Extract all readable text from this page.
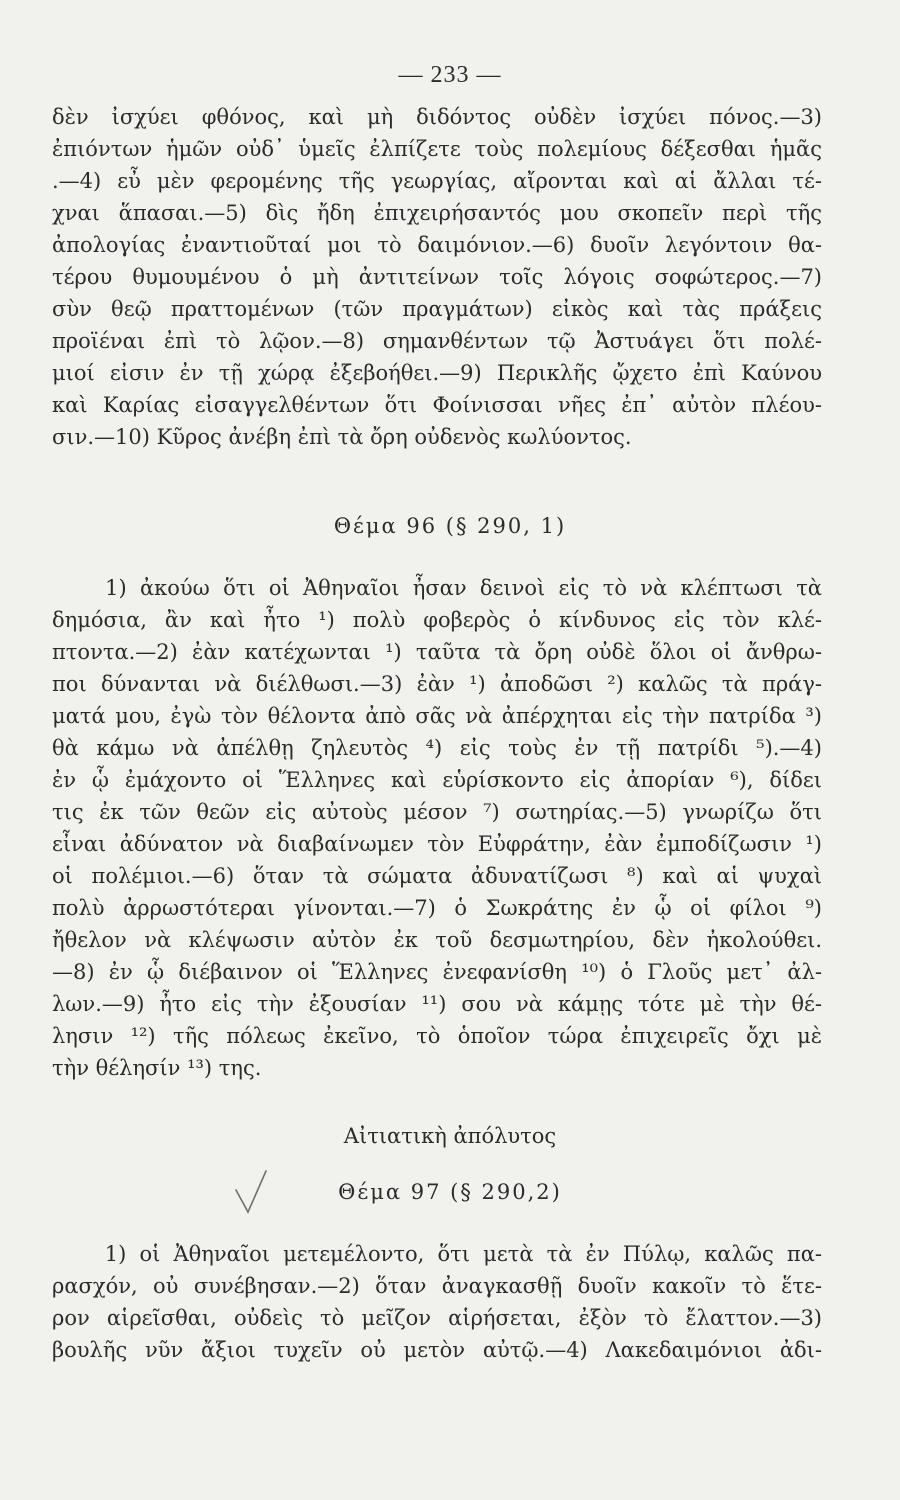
— 233 —
δὲν ἰσχύει φθόνος, καὶ μὴ διδόντος οὐδὲν ἰσχύει πόνος.—3)
ἐπιόντων ἡμῶν οὐδ᾽ ὑμεῖς ἐλπίζετε τοὺς πολεμίους δέξεσθαι ἡμᾶς
.—4) εὖ μὲν φερομένης τῆς γεωργίας, αἴρονται καὶ αἱ ἄλλαι τέ-
χναι ἅπασαι.—5) δὶς ἤδη ἐπιχειρήσαντός μου σκοπεῖν περὶ τῆς
ἀπολογίας ἐναντιοῦταί μοι τὸ δαιμόνιον.—6) δυοῖν λεγόντοιν θα-
τέρου θυμουμένου ὁ μὴ ἀντιτείνων τοῖς λόγοις σοφώτερος.—7)
σὺν θεῷ πραττομένων (τῶν πραγμάτων) εἰκὸς καὶ τὰς πράξεις
προϊέναι ἐπὶ τὸ λῷον.—8) σημανθέντων τῷ Ἀστυάγει ὅτι πολέ-
μιοί εἰσιν ἐν τῇ χώρᾳ ἐξεβοήθει.—9) Περικλῆς ᾤχετο ἐπὶ Καύνου
καὶ Καρίας εἰσαγγελθέντων ὅτι Φοίνισσαι νῆες ἐπ᾽ αὐτὸν πλέου-
σιν.—10) Κῦρος ἀνέβη ἐπὶ τὰ ὄρη οὐδενὸς κωλύοντος.
Θέμα 96 (§ 290, 1)
1) ἀκούω ὅτι οἱ Ἀθηναῖοι ἦσαν δεινοὶ εἰς τὸ νὰ κλέπτωσι τὰ
δημόσια, ἂν καὶ ἦτο ¹) πολὺ φοβερὸς ὁ κίνδυνος εἰς τὸν κλέ-
πτοντα.—2) ἐὰν κατέχωνται ¹) ταῦτα τὰ ὄρη οὐδὲ ὅλοι οἱ ἄνθρω-
ποι δύνανται νὰ διέλθωσι.—3) ἐὰν ¹) ἀποδῶσι ²) καλῶς τὰ πράγ-
ματά μου, ἐγὼ τὸν θέλοντα ἀπὸ σᾶς νὰ ἀπέρχηται εἰς τὴν πατρίδα ³)
θὰ κάμω νὰ ἀπέλθῃ ζηλευτὸς ⁴) εἰς τοὺς ἐν τῇ πατρίδι ⁵).—4)
ἐν ᾧ ἐμάχοντο οἱ Ἕλληνες καὶ εὑρίσκοντο εἰς ἀπορίαν ⁶), δίδει
τις ἐκ τῶν θεῶν εἰς αὐτοὺς μέσον ⁷) σωτηρίας.—5) γνωρίζω ὅτι
εἶναι ἀδύνατον νὰ διαβαίνωμεν τὸν Εὐφράτην, ἐὰν ἐμποδίζωσιν ¹)
οἱ πολέμιοι.—6) ὅταν τὰ σώματα ἀδυνατίζωσι ⁸) καὶ αἱ ψυχαὶ
πολὺ ἀρρωστότεραι γίνονται.—7) ὁ Σωκράτης ἐν ᾧ οἱ φίλοι ⁹)
ἤθελον νὰ κλέψωσιν αὐτὸν ἐκ τοῦ δεσμωτηρίου, δὲν ἠκολούθει.
—8) ἐν ᾧ διέβαινον οἱ Ἕλληνες ἐνεφανίσθη ¹⁰) ὁ Γλοῦς μετ᾽ ἀλ-
λων.—9) ἦτο εἰς τὴν ἐξουσίαν ¹¹) σου νὰ κάμῃς τότε μὲ τὴν θέ-
λησιν ¹²) τῆς πόλεως ἐκεῖνο, τὸ ὁποῖον τώρα ἐπιχειρεῖς ὄχι μὲ
τὴν θέλησίν ¹³) της.
Αἰτιατικὴ ἀπόλυτος
Θέμα 97 (§ 290,2)
1) οἱ Ἀθηναῖοι μετεμέλοντο, ὅτι μετὰ τὰ ἐν Πύλῳ, καλῶς πα-
ρασχόν, οὐ συνέβησαν.—2) ὅταν ἀναγκασθῇ δυοῖν κακοῖν τὸ ἕτε-
ρον αἱρεῖσθαι, οὐδεὶς τὸ μεῖζον αἱρήσεται, ἐξὸν τὸ ἔλαττον.—3)
βουλῆς νῦν ἄξιοι τυχεῖν οὐ μετὸν αὐτῷ.—4) Λακεδαιμόνιοι ἀδι-
